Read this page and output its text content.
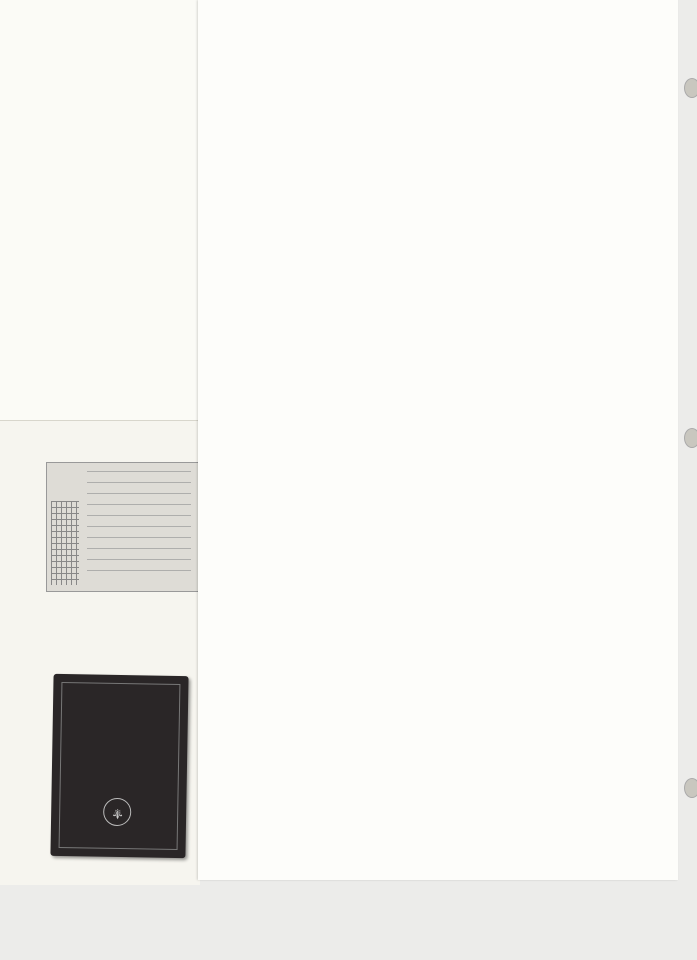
⚜
